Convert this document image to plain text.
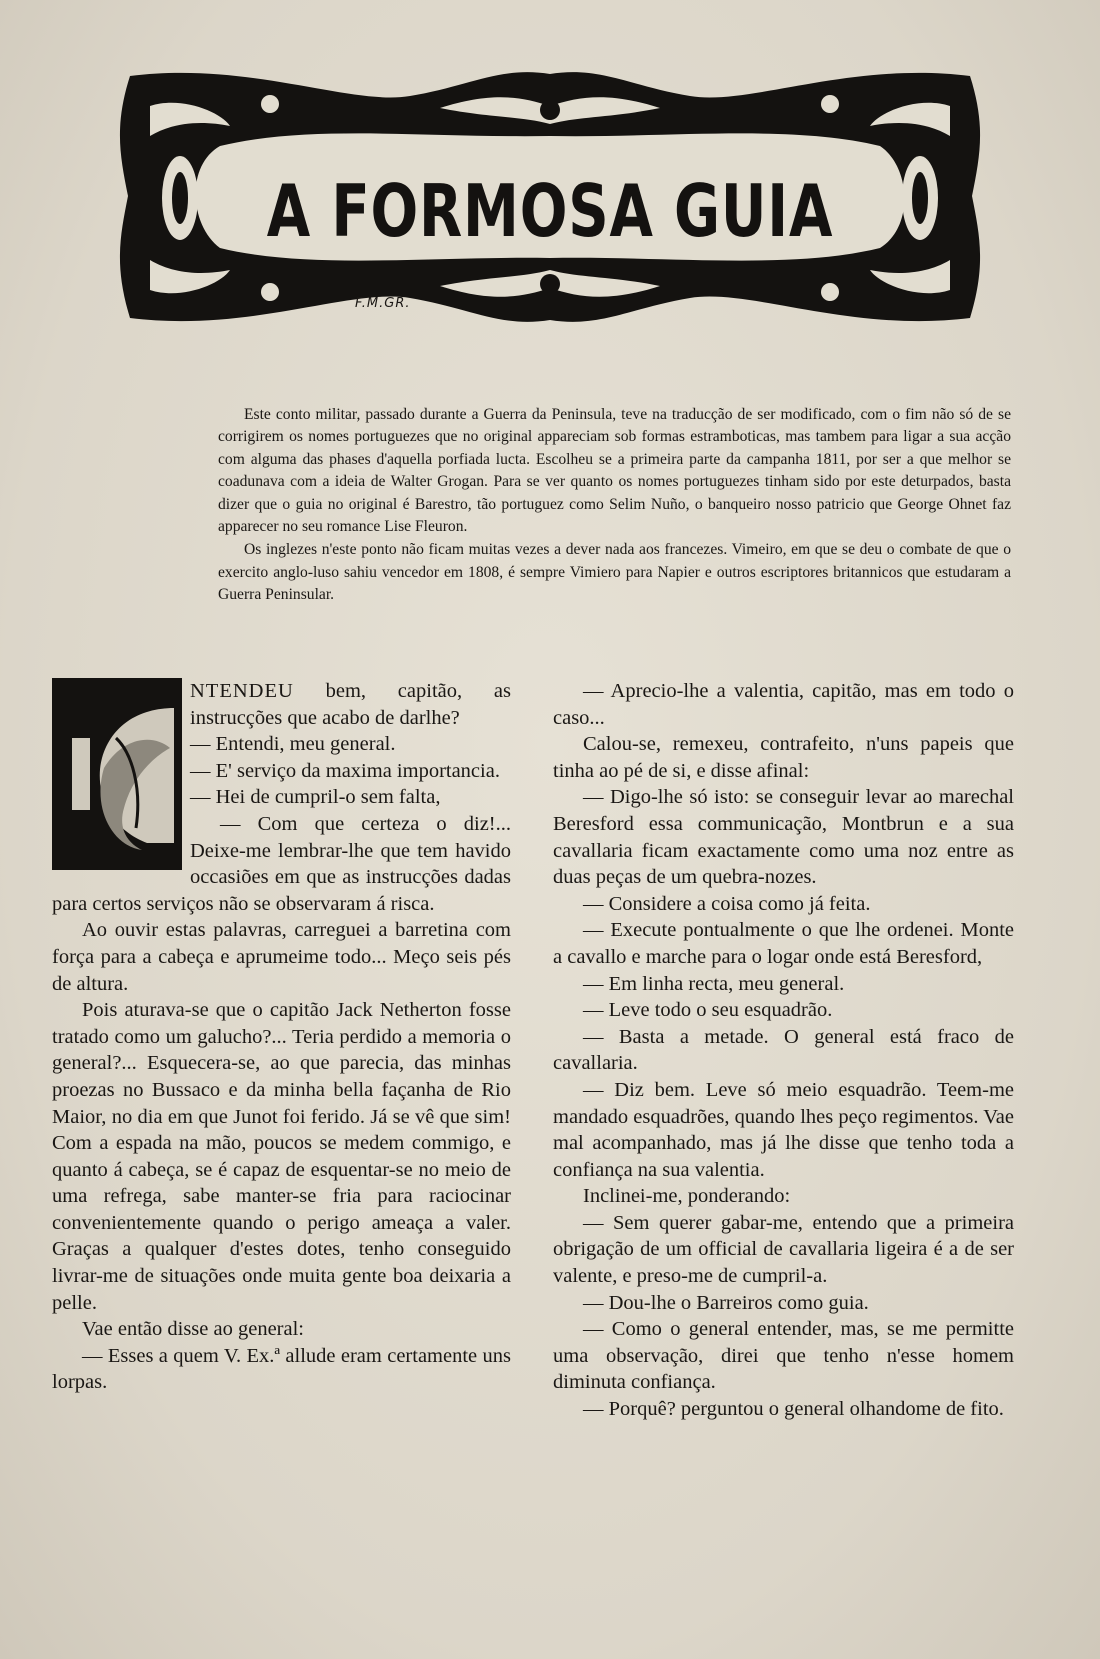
A FORMOSA GUIA
F.M.GR.

Este conto militar, passado durante a Guerra da Peninsula, teve na traducção de ser modificado, com o fim não só de se corrigirem os nomes portuguezes que no original appareciam sob formas estramboticas, mas tambem para ligar a sua acção com alguma das phases d'aquella porfiada lucta. Escolheu se a primeira parte da campanha 1811, por ser a que melhor se coadunava com a ideia de Walter Grogan. Para se ver quanto os nomes portuguezes tinham sido por este deturpados, basta dizer que o guia no original é Barestro, tão portuguez como Selim Nuño, o banqueiro nosso patricio que George Ohnet faz apparecer no seu romance Lise Fleuron.

Os inglezes n'este ponto não ficam muitas vezes a dever nada aos francezes. Vimeiro, em que se deu o combate de que o exercito anglo-luso sahiu vencedor em 1808, é sempre Vimiero para Napier e outros escriptores britannicos que estudaram a Guerra Peninsular.

NTENDEU bem, capitão, as instrucções que acabo de darlhe?

— Entendi, meu general.

— E' serviço da maxima importancia.

— Hei de cumpril-o sem falta,

— Com que certeza o diz!... Deixe-me lembrar-lhe que tem havido occasiões em que as instrucções dadas para certos serviços não se observaram á risca.

Ao ouvir estas palavras, carreguei a barretina com força para a cabeça e aprumeime todo... Meço seis pés de altura.

Pois aturava-se que o capitão Jack Netherton fosse tratado como um galucho?... Teria perdido a memoria o general?... Esquecera-se, ao que parecia, das minhas proezas no Bussaco e da minha bella façanha de Rio Maior, no dia em que Junot foi ferido. Já se vê que sim! Com a espada na mão, poucos se medem commigo, e quanto á cabeça, se é capaz de esquentar-se no meio de uma refrega, sabe manter-se fria para raciocinar convenientemente quando o perigo ameaça a valer. Graças a qualquer d'estes dotes, tenho conseguido livrar-me de situações onde muita gente boa deixaria a pelle.

Vae então disse ao general:

— Esses a quem V. Ex.ª allude eram certamente uns lorpas.

— Aprecio-lhe a valentia, capitão, mas em todo o caso...

Calou-se, remexeu, contrafeito, n'uns papeis que tinha ao pé de si, e disse afinal:

— Digo-lhe só isto: se conseguir levar ao marechal Beresford essa communicação, Montbrun e a sua cavallaria ficam exactamente como uma noz entre as duas peças de um quebra-nozes.

— Considere a coisa como já feita.

— Execute pontualmente o que lhe ordenei. Monte a cavallo e marche para o logar onde está Beresford,

— Em linha recta, meu general.

— Leve todo o seu esquadrão.

— Basta a metade. O general está fraco de cavallaria.

— Diz bem. Leve só meio esquadrão. Teem-me mandado esquadrões, quando lhes peço regimentos. Vae mal acompanhado, mas já lhe disse que tenho toda a confiança na sua valentia.

Inclinei-me, ponderando:

— Sem querer gabar-me, entendo que a primeira obrigação de um official de cavallaria ligeira é a de ser valente, e preso-me de cumpril-a.

— Dou-lhe o Barreiros como guia.

— Como o general entender, mas, se me permitte uma observação, direi que tenho n'esse homem diminuta confiança.

— Porquê? perguntou o general olhandome de fito.
